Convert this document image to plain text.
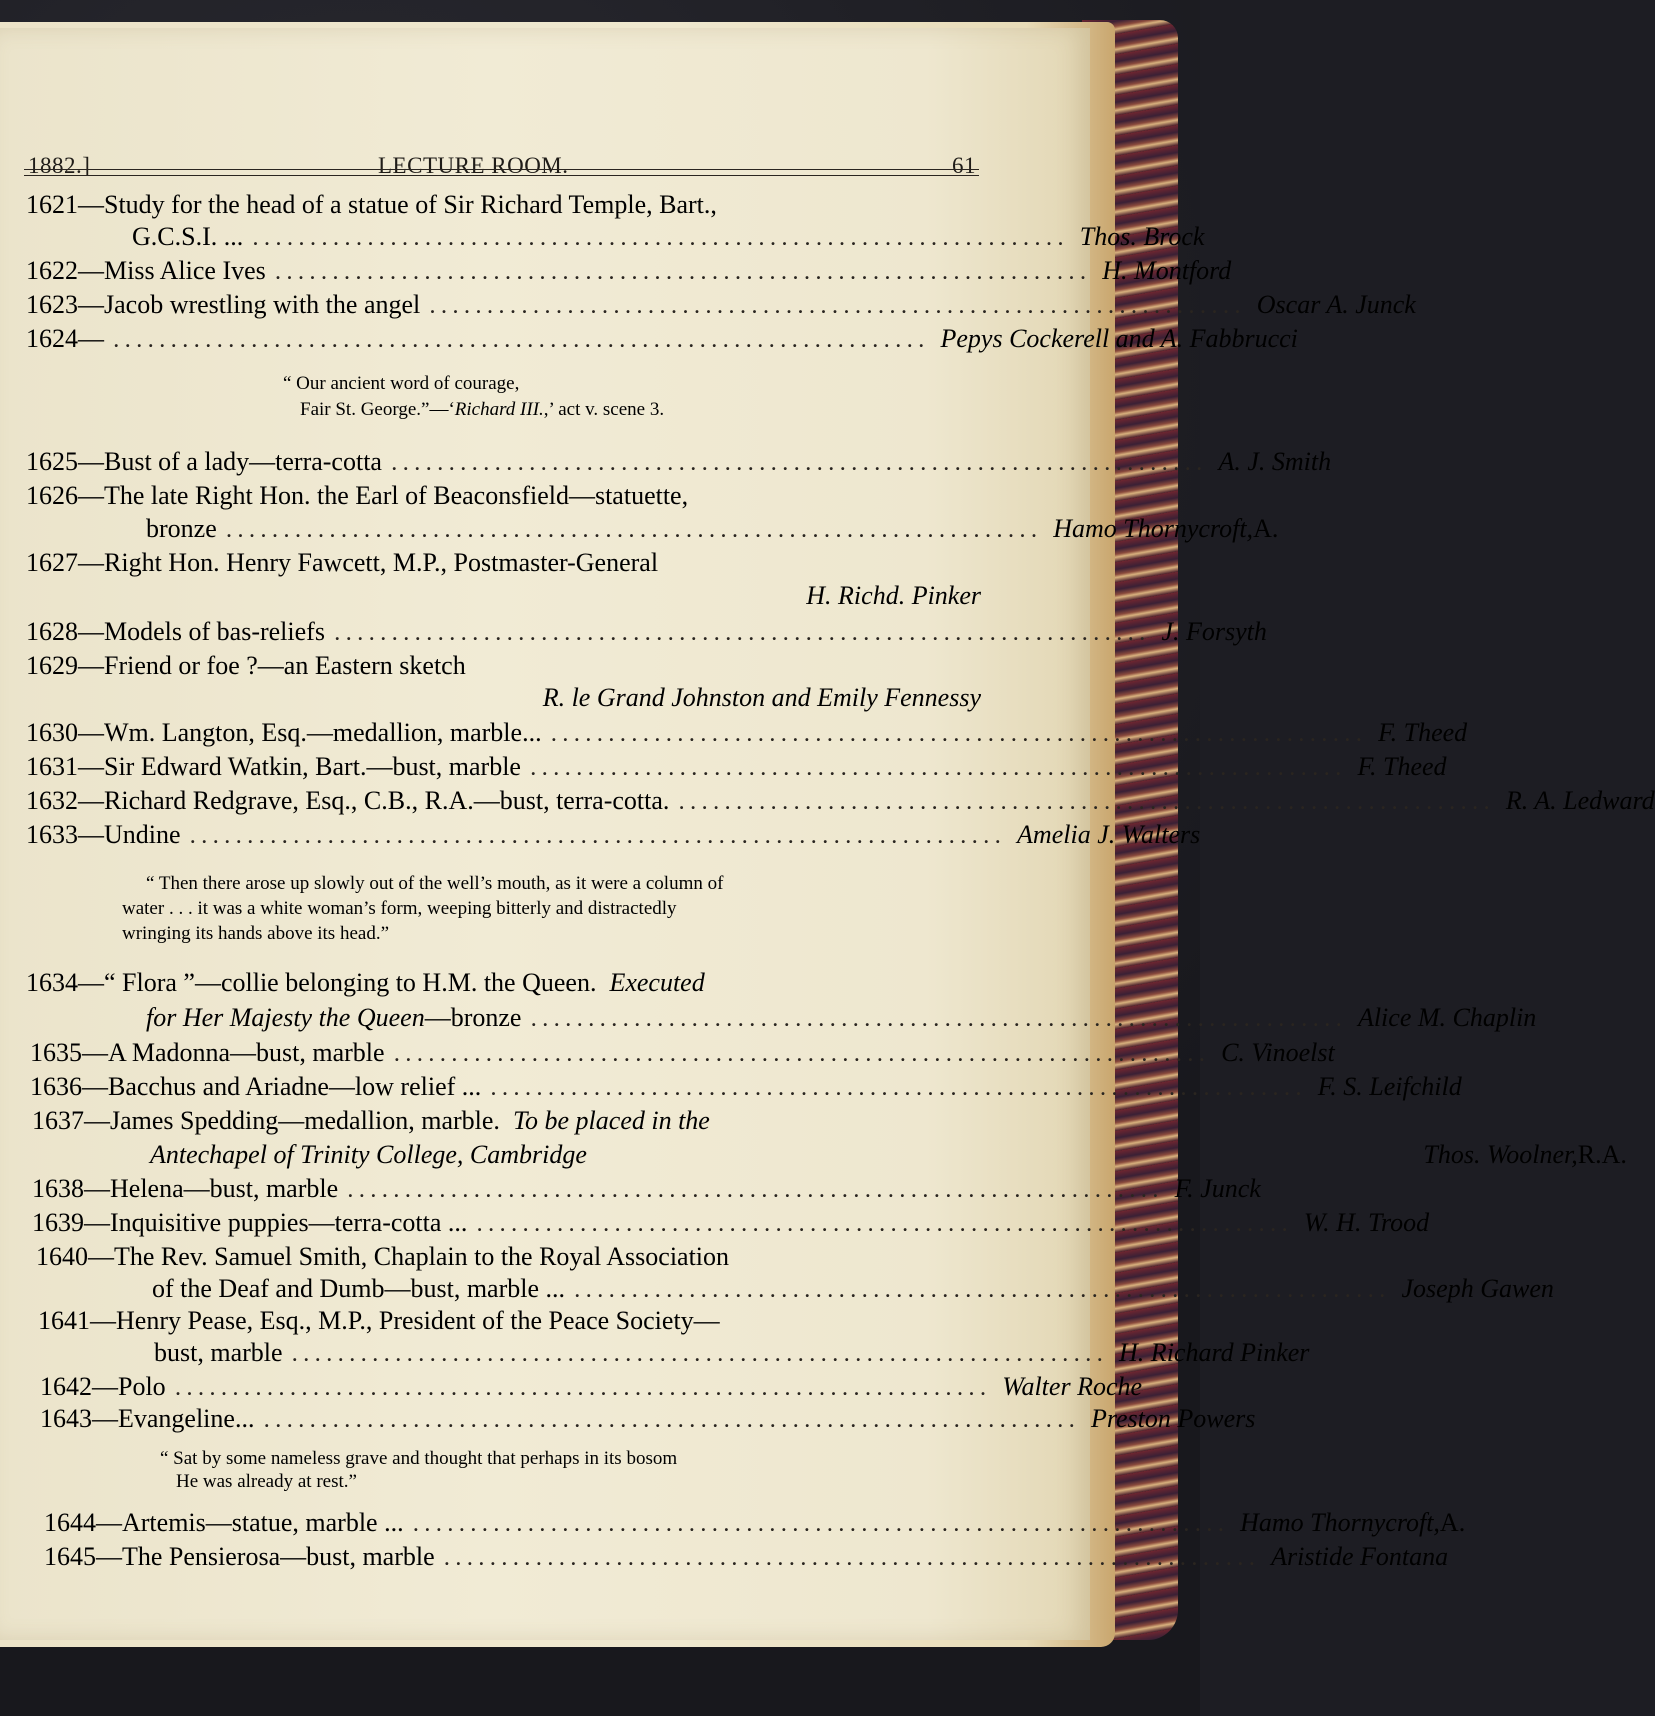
1882.]	LECTURE ROOM.	61
1621—Study for the head of a statue of Sir Richard Temple, Bart.,
G.C.S.I. ... ....................................................................... Thos. Brock
1622—Miss Alice Ives ....................................................................... H. Montford
1623—Jacob wrestling with the angel ....................................................................... Oscar A. Junck
1624— ....................................................................... Pepys Cockerell and A. Fabbrucci
“ Our ancient word of courage,
Fair St. George.”—‘Richard III.,’ act v. scene 3.
1625—Bust of a lady—terra-cotta ....................................................................... A. J. Smith
1626—The late Right Hon. the Earl of Beaconsfield—statuette,
bronze ....................................................................... Hamo Thornycroft, A.
1627—Right Hon. Henry Fawcett, M.P., Postmaster-General
H. Richd. Pinker
1628—Models of bas-reliefs ....................................................................... J. Forsyth
1629—Friend or foe ?—an Eastern sketch
R. le Grand Johnston and Emily Fennessy
1630—Wm. Langton, Esq.—medallion, marble... ....................................................................... F. Theed
1631—Sir Edward Watkin, Bart.—bust, marble ....................................................................... F. Theed
1632—Richard Redgrave, Esq., C.B., R.A.—bust, terra-cotta. ....................................................................... R. A. Ledward
1633—Undine ....................................................................... Amelia J. Walters
“ Then there arose up slowly out of the well’s mouth, as it were a column of
water . . . it was a white woman’s form, weeping bitterly and distractedly
wringing its hands above its head.”
1634—“ Flora ”—collie belonging to H.M. the Queen.
Executed
for Her Majesty the Queen—bronze ....................................................................... Alice M. Chaplin
1635—A Madonna—bust, marble ....................................................................... C. Vinoelst
1636—Bacchus and Ariadne—low relief ... ....................................................................... F. S. Leifchild
1637—James Spedding—medallion, marble.
To be placed in the
Antechapel of Trinity College, Cambridge	Thos. Woolner, R.A.
1638—Helena—bust, marble ....................................................................... F. Junck
1639—Inquisitive puppies—terra-cotta ... ....................................................................... W. H. Trood
1640—The Rev. Samuel Smith, Chaplain to the Royal Association
of the Deaf and Dumb—bust, marble ... ....................................................................... Joseph Gawen
1641—Henry Pease, Esq., M.P., President of the Peace Society—
bust, marble ....................................................................... H. Richard Pinker
1642—Polo ....................................................................... Walter Roche
1643—Evangeline... ....................................................................... Preston Powers
“ Sat by some nameless grave and thought that perhaps in its bosom
He was already at rest.”
1644—Artemis—statue, marble ... ....................................................................... Hamo Thornycroft, A.
1645—The Pensierosa—bust, marble ....................................................................... Aristide Fontana
